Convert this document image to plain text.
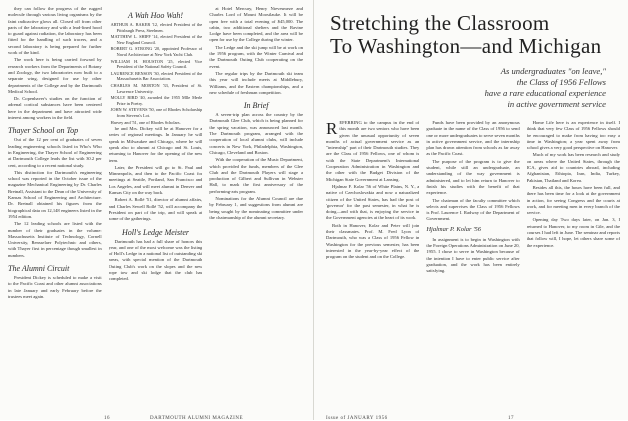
they can follow the progress of the rugged molecule through various living organisms by the faint radioactive glows all. Closed off from other parts of the laboratory and with a lead-lined hood to guard against radiation, the laboratory has been fitted for the handling of such tracers, and a second laboratory is being prepared for further work of the kind.

The work here is being carried forward by research workers from the Departments of Botany and Zoology, the two laboratories now built to a separate wing, designed for use by other departments of the College and by the Dartmouth Medical School.

Dr. Copenhaver's studies on the function of adrenal cortical substances have been centered here in the department and have attracted wide interest among workers in the field.

Thayer School on Top

Out of the 12 per cent of graduates of seven leading engineering schools listed in Who's Who in Engineering, the Thayer School of Engineering at Dartmouth College leads the list with 30.2 per cent, according to a recent national study.

This distinction for Dartmouth's engineering school was reported in the October issue of the magazine Mechanical Engineering by Dr. Charles Bretnall, Assistant to the Dean of the University of Kansas School of Engineering and Architecture. Dr. Bretnall obtained his figures from the biographical data on 12,148 engineers listed in the 1954 edition.

The 12 leading schools are listed with the number of their graduates in the volume: Massachusetts Institute of Technology, Cornell University, Rensselaer Polytechnic and others, with Thayer first in percentage though smallest in numbers.

The Alumni Circuit

President Dickey is scheduled to make a visit to the Pacific Coast and other alumni associations in late January and early February before the trustees meet again.

A Wah Hoo Wah!
ARTHUR A. BAKER '12, elected President of the Pittsburgh Press, Steelmen.
MATTHEW L. SHIFF '14, elected President of the New England Council.
ROBERT G. STRONG '20, appointed Professor of Naval Architecture at New York Yacht Club.
WILLIAM H. HOUSTON '25, elected Vice President of the National Safety Council.
LAURENCE BENSON '30, elected President of the Massachusetts Bar Association.
CHARLES M. MORTON '33, President of St. Lawrence University.
MOLLY BIRD '40, awarded the 1955 Mlle Merle Prize in Poetry.
JOHN W. STEVENS '50, one of Rhodes Scholarship from Stevens's Lot.
Harvey and '51, one of Rhodes Scholars.

he and Mrs. Dickey will be at Hanover for a series of regional meetings. In January he will speak in Milwaukee and Chicago, where he will speak also to alumni at Chicago and St. Louis, returning to Hanover for the opening of the new term.

Later, the President will go to St. Paul and Minneapolis, and then to the Pacific Coast for meetings at Seattle, Portland, San Francisco and Los Angeles, and will meet alumni in Denver and Kansas City on the way back.

Robert A. Rollé '51, director of alumni affairs, and Charles Sewell Rollé '52, will accompany the President on part of the trip, and will speak at some of the gatherings.

Holl's Ledge Meister

Dartmouth has had a full share of honors this year, and one of the most welcome was the listing of Holl's Ledge in a national list of outstanding ski areas, with special mention of the Dartmouth Outing Club's work on the slopes and the new rope tow and ski lodge that the club has completed.

at Hotel Mercury, Henry Nievesmeze and Charles Lord of Mount Moosilauke. It will be open free with a total evening of $45,000. The cabin, two additional shelters and the Ravine Lodge have been completed, and the area will be open for use by the College during the winter.

The Ledge and the ski jump will be at work on the 1956 program, with the Winter Carnival and the Dartmouth Outing Club cooperating on the event.

The regular trips by the Dartmouth ski team this year will include meets at Middlebury, Williams, and the Eastern championships, and a new schedule of freshman competition.

In Brief

A seven-trip plan across the country by the Dartmouth Glee Club, which is being planned for the spring vacation, was announced last month. The Dartmouth program, arranged with the cooperation of local alumni clubs, will include concerts in New York, Philadelphia, Washington, Chicago, Cleveland and Boston.

With the cooperation of the Music Department, which provided the funds, members of the Glee Club and the Dartmouth Players will stage a production of Gilbert and Sullivan in Webster Hall, to mark the first anniversary of the performing-arts program.

Nominations for the Alumni Council are due by February 1, and suggestions from alumni are being sought by the nominating committee under the chairmanship of the alumni secretary.

16	DARTMOUTH ALUMNI MAGAZINE
Stretching the Classroom
To Washington—and Michigan
As undergraduates "on leave,"
the Class of 1956 Fellows
have a rare educational experience
in active government service

REFERRING to the campus in the end of this month are two seniors who have been given the unusual opportunity of seven months of actual government service as an "internship" part of their Dartmouth studies. They are the Class of 1956 Fellows, one of whom is with the State Department's International Cooperation Administration in Washington and the other with the Budget Division of the Michigan State Government at Lansing.

Hjalmar F. Kolar '56 of White Plains, N. Y., a native of Czechoslovakia and now a naturalized citizen of the United States, has had the post of 'governor' for the past semester, in what he is doing—and with that, is enjoying the service in the Government agencies at the heart of its work.

Both in Hanover, Kolar and Peter will join their classmates. Prof. M. Fred Lyon of Dartmouth, who was a Class of 1956 Fellow in Washington for the previous semester, has been interested in the year-by-year effect of the program on the student and on the College.

Funds have been provided by an anonymous graduate in the name of the Class of 1956 to send one or more undergraduates to serve seven months in active government service, and the internship plan has drawn attention from schools as far away as the Pacific Coast.

The purpose of the program is to give the student, while still an undergraduate, an understanding of the way government is administered, and to let him return to Hanover to finish his studies with the benefit of that experience.

The chairman of the faculty committee which selects and supervises the Class of 1956 Fellows is Prof. Laurence I. Radway of the Department of Government.

Hjalmar P. Kolar '56

In assignment is to begin in Washington with the Foreign Operations Administration on June 20, 1955. I chose to serve in Washington because of the intention I have to enter public service after graduation, and the work has been entirely satisfying.

Home Life here is an experience in itself. I think that very few Class of 1956 Fellows should be encouraged to make from having too easy a time in Washington; a year spent away from school gives a very good perspective on Hanover.

Much of my work has been research and study on areas where the United States, through the ICA, gives aid to countries abroad, including Afghanistan, Ethiopia, Iran, India, Turkey, Pakistan, Thailand and Korea.

Besides all this, the hours have been full, and there has been time for a look at the government in action, for seeing Congress and the courts at work, and for meeting men in every branch of the service.

Opening day Two days later, on Jan. 3, I returned to Hanover, to my room in Gile, and the courses I had left in June. The seminar and reports that follow will, I hope, let others share some of the experience.

Issue of JANUARY 1956	17
